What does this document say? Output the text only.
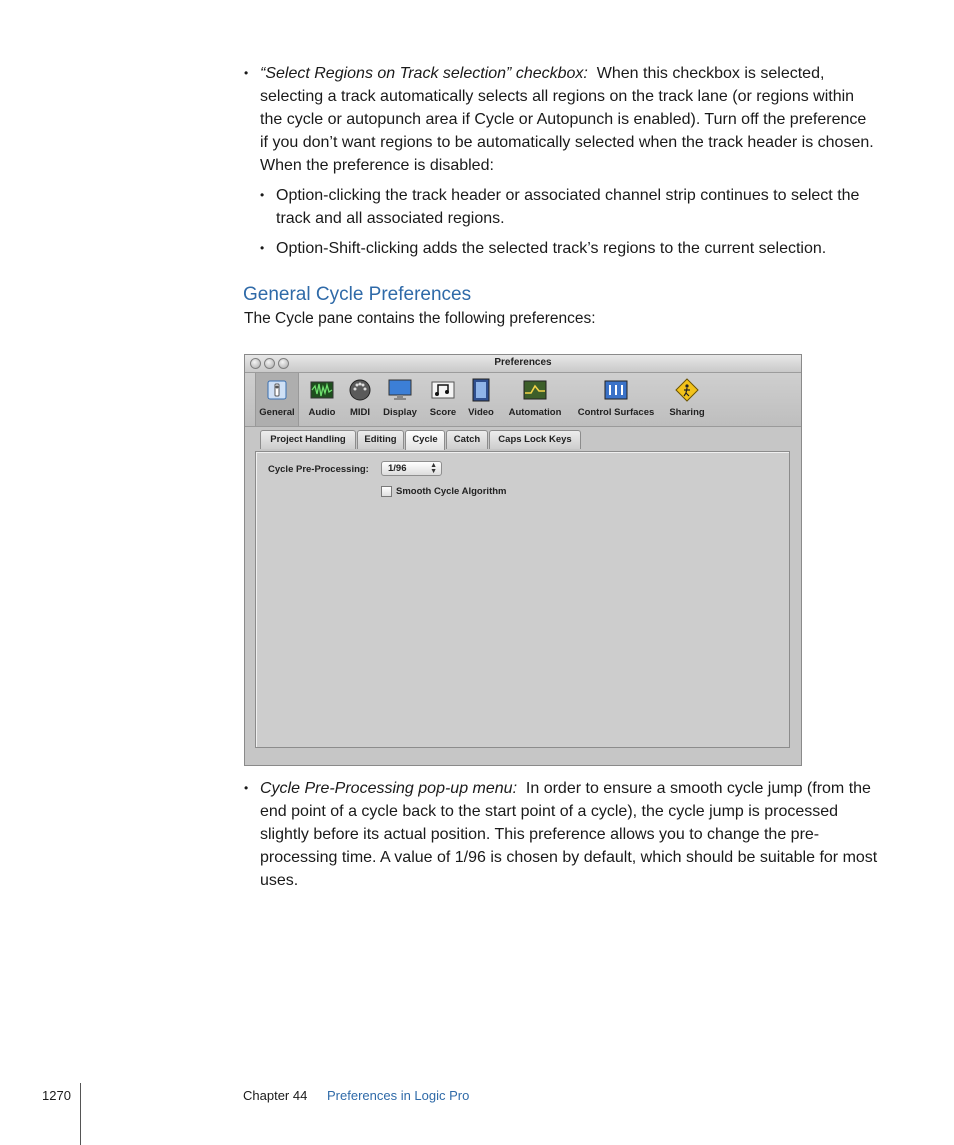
• “Select Regions on Track selection” checkbox: When this checkbox is selected, selecting a track automatically selects all regions on the track lane (or regions within the cycle or autopunch area if Cycle or Autopunch is enabled). Turn off the preference if you don’t want regions to be automatically selected when the track header is chosen. When the preference is disabled:
• Option-clicking the track header or associated channel strip continues to select the track and all associated regions.
• Option-Shift-clicking adds the selected track’s regions to the current selection.
General Cycle Preferences

The Cycle pane contains the following preferences:

Preferences
General	Audio	MIDI	Display	Score	Video	Automation	Control Surfaces	Sharing
Project Handling	Editing	Cycle	Catch	Caps Lock Keys
Cycle Pre-Processing:	1/96	▲
▼
Smooth Cycle Algorithm
• Cycle Pre-Processing pop-up menu: In order to ensure a smooth cycle jump (from the end point of a cycle back to the start point of a cycle), the cycle jump is processed slightly before its actual position. This preference allows you to change the pre-processing time. A value of 1/96 is chosen by default, which should be suitable for most uses.
1270	Chapter 44 Preferences in Logic Pro
